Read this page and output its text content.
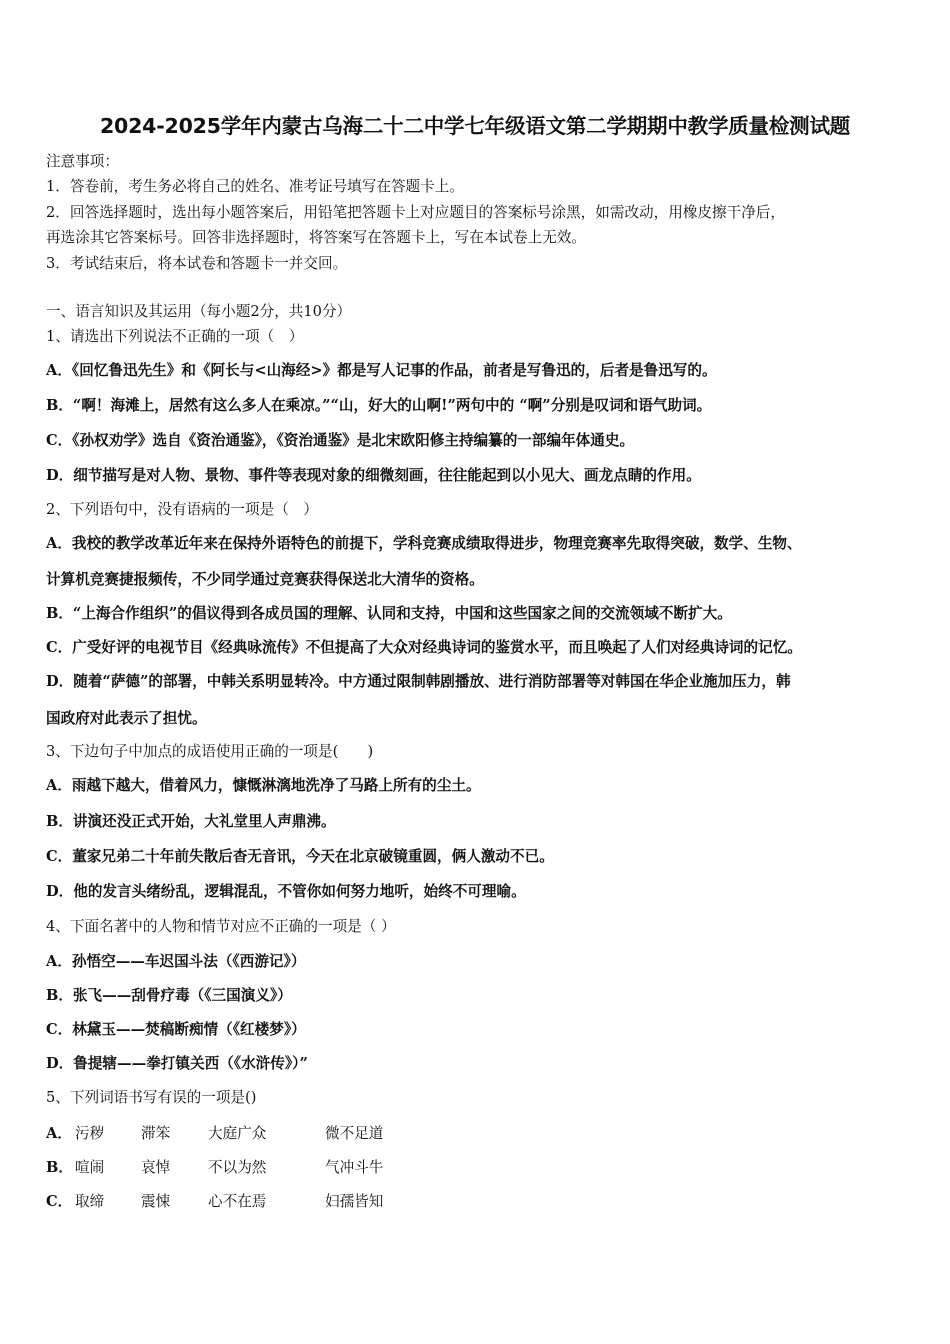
2024-2025学年内蒙古乌海二十二中学七年级语文第二学期期中教学质量检测试题
注意事项：
1．答卷前，考生务必将自己的姓名、准考证号填写在答题卡上。
2．回答选择题时，选出每小题答案后，用铅笔把答题卡上对应题目的答案标号涂黑，如需改动，用橡皮擦干净后，
再选涂其它答案标号。回答非选择题时，将答案写在答题卡上，写在本试卷上无效。
3．考试结束后，将本试卷和答题卡一并交回。
一、语言知识及其运用（每小题2分，共10分）
1、请选出下列说法不正确的一项（　）
A．《回忆鲁迅先生》和《阿长与<山海经>》都是写人记事的作品，前者是写鲁迅的，后者是鲁迅写的。
B．“啊！海滩上，居然有这么多人在乘凉。”“山，好大的山啊!”两句中的 “啊”分别是叹词和语气助词。
C．《孙权劝学》选自《资治通鉴》，《资治通鉴》是北宋欧阳修主持编纂的一部编年体通史。
D．细节描写是对人物、景物、事件等表现对象的细微刻画，往往能起到以小见大、画龙点睛的作用。
2、下列语句中，没有语病的一项是（　）
A．我校的教学改革近年来在保持外语特色的前提下，学科竞赛成绩取得进步，物理竞赛率先取得突破，数学、生物、
计算机竞赛捷报频传，不少同学通过竞赛获得保送北大清华的资格。
B．“上海合作组织”的倡议得到各成员国的理解、认同和支持，中国和这些国家之间的交流领域不断扩大。
C．广受好评的电视节目《经典咏流传》不但提高了大众对经典诗词的鉴赏水平，而且唤起了人们对经典诗词的记忆。
D．随着“萨德”的部署，中韩关系明显转冷。中方通过限制韩剧播放、进行消防部署等对韩国在华企业施加压力，韩
国政府对此表示了担忧。
3、下边句子中加点的成语使用正确的一项是(　　)
A．雨越下越大，借着风力，慷慨淋漓地洗净了马路上所有的尘土。
B．讲演还没正式开始，大礼堂里人声鼎沸。
C．董家兄弟二十年前失散后杳无音讯，今天在北京破镜重圆，俩人激动不已。
D．他的发言头绪纷乱，逻辑混乱，不管你如何努力地听，始终不可理喻。
4、下面名著中的人物和情节对应不正确的一项是（ ）
A．孙悟空——车迟国斗法（《西游记》）
B．张飞——刮骨疗毒（《三国演义》）
C．林黛玉——焚稿断痴情（《红楼梦》）
D．鲁提辖——拳打镇关西（《水浒传》）”
5、下列词语书写有误的一项是()
A． 污秽	滞笨	大庭广众	微不足道
B． 喧闹	哀悼	不以为然	气冲斗牛
C． 取缔	震悚	心不在焉	妇孺皆知
